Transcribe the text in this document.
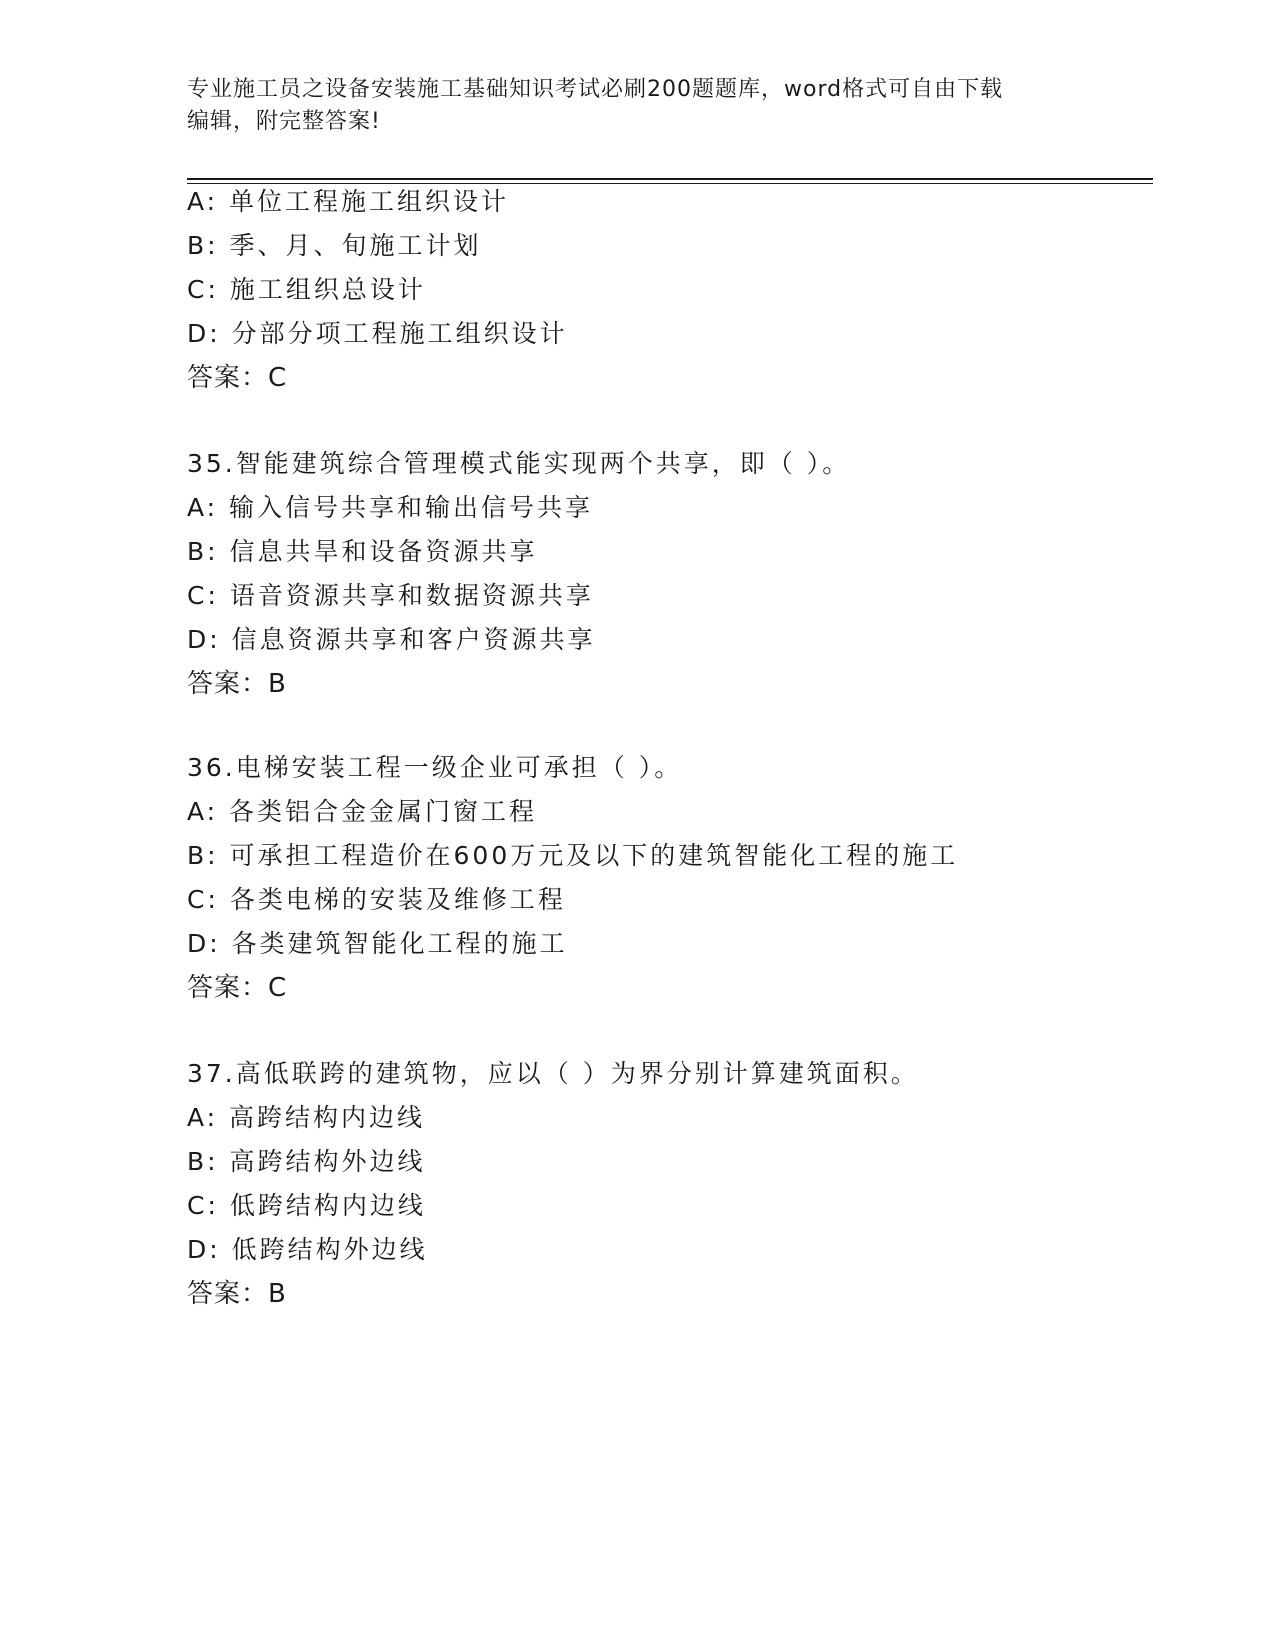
专业施工员之设备安装施工基础知识考试必刷200题题库，word格式可自由下载
编辑，附完整答案!
A: 单位工程施工组织设计
B: 季、月、旬施工计划
C: 施工组织总设计
D: 分部分项工程施工组织设计
答案：C
35.智能建筑综合管理模式能实现两个共享，即（ ）。
A: 输入信号共享和输出信号共享
B: 信息共旱和设备资源共享
C: 语音资源共享和数据资源共享
D: 信息资源共享和客户资源共享
答案：B
36.电梯安装工程一级企业可承担（ ）。
A: 各类铝合金金属门窗工程
B: 可承担工程造价在600万元及以下的建筑智能化工程的施工
C: 各类电梯的安装及维修工程
D: 各类建筑智能化工程的施工
答案：C
37.高低联跨的建筑物，应以（ ）为界分别计算建筑面积。
A: 高跨结构内边线
B: 高跨结构外边线
C: 低跨结构内边线
D: 低跨结构外边线
答案：B
